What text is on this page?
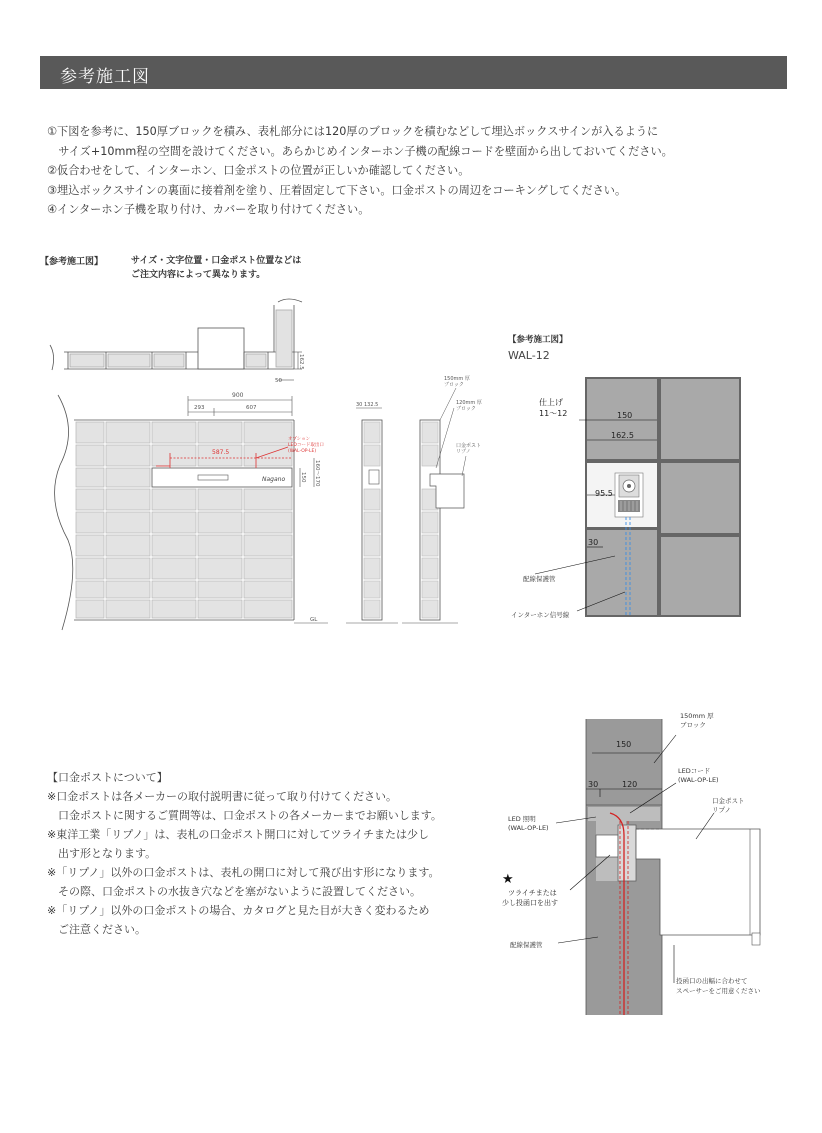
参考施工図
①下図を参考に、150厚ブロックを積み、表札部分には120厚のブロックを積むなどして埋込ボックスサインが入るように
　サイズ+10mm程の空間を設けてください。あらかじめインターホン子機の配線コードを壁面から出しておいてください。
②仮合わせをして、インターホン、口金ポストの位置が正しいか確認してください。
③埋込ボックスサインの裏面に接着剤を塗り、圧着固定して下さい。口金ポストの周辺をコーキングしてください。
④インターホン子機を取り付け、カバーを取り付けてください。
【参考施工図】	サイズ・文字位置・口金ポスト位置などは
ご注文内容によって異なります。
Nagano
587.5
オプション
LEDコード取出口
(WAL-OP-LE)
900
293	607
162.5
50
150 160～170
GL
30 132.5
150mm 厚
ブロック
120mm 厚
ブロック
口金ポスト
リプノ
【参考施工図】
WAL-12
仕上げ
11～12	150
162.5
95.5
30
配線保護管
インターホン信号線
【口金ポストについて】
※口金ポストは各メーカーの取付説明書に従って取り付けてください。
　口金ポストに関するご質問等は、口金ポストの各メーカーまでお願いします。
※東洋工業「リプノ」は、表札の口金ポスト開口に対してツライチまたは少し
　出す形となります。
※「リプノ」以外の口金ポストは、表札の開口に対して飛び出す形になります。
　その際、口金ポストの水抜き穴などを塞がないように設置してください。
※「リプノ」以外の口金ポストの場合、カタログと見た目が大きく変わるため
　ご注意ください。
150mm 厚
ブロック
150
30	120
LEDコード
(WAL-OP-LE)
口金ポスト
リプノ
LED 照明
(WAL-OP-LE)
★
ツライチまたは
少し投函口を出す
配線保護管
投函口の出幅に合わせて
スペーサーをご用意ください
